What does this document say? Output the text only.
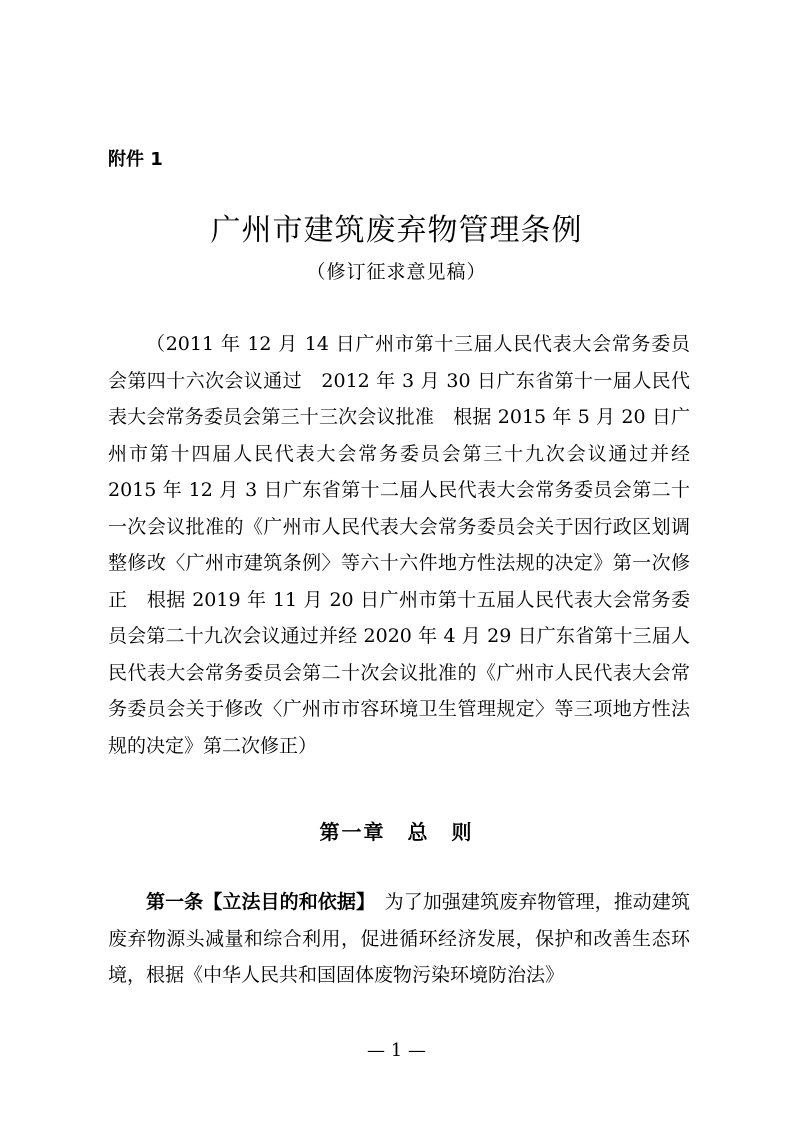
附件 1
广州市建筑废弃物管理条例
（修订征求意见稿）

（2011 年 12 月 14 日广州市第十三届人民代表大会常务委员会第四十六次会议通过　2012 年 3 月 30 日广东省第十一届人民代表大会常务委员会第三十三次会议批准　根据 2015 年 5 月 20 日广州市第十四届人民代表大会常务委员会第三十九次会议通过并经 2015 年 12 月 3 日广东省第十二届人民代表大会常务委员会第二十一次会议批准的《广州市人民代表大会常务委员会关于因行政区划调整修改〈广州市建筑条例〉等六十六件地方性法规的决定》第一次修正　根据 2019 年 11 月 20 日广州市第十五届人民代表大会常务委员会第二十九次会议通过并经 2020 年 4 月 29 日广东省第十三届人民代表大会常务委员会第二十次会议批准的《广州市人民代表大会常务委员会关于修改〈广州市市容环境卫生管理规定〉等三项地方性法规的决定》第二次修正）

第一章　总　则

第一条【立法目的和依据】　为了加强建筑废弃物管理，推动建筑废弃物源头减量和综合利用，促进循环经济发展，保护和改善生态环境，根据《中华人民共和国固体废物污染环境防治法》

— 1 —
